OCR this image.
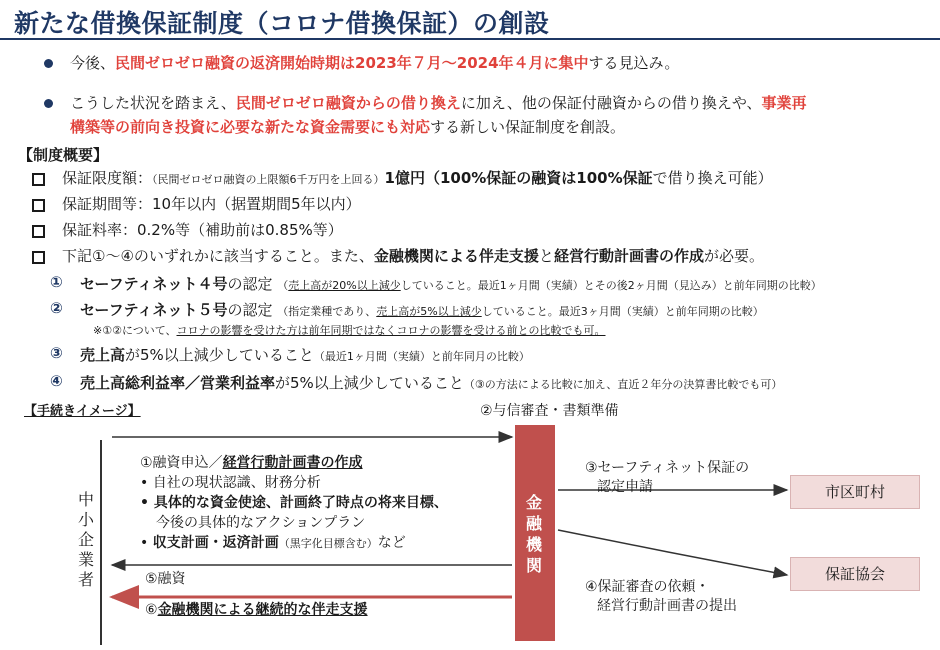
新たな借換保証制度（コロナ借換保証）の創設
今後、民間ゼロゼロ融資の返済開始時期は2023年７月〜2024年４月に集中する見込み。
こうした状況を踏まえ、民間ゼロゼロ融資からの借り換えに加え、他の保証付融資からの借り換えや、事業再
構築等の前向き投資に必要な新たな資金需要にも対応する新しい保証制度を創設。
【制度概要】
保証限度額：（民間ゼロゼロ融資の上限額6千万円を上回る）1億円（100%保証の融資は100%保証で借り換え可能）
保証期間等：10年以内（据置期間5年以内）
保証料率：0.2%等（補助前は0.85%等）
下記①〜④のいずれかに該当すること。また、金融機関による伴走支援と経営行動計画書の作成が必要。
① セーフティネット４号の認定 （売上高が20%以上減少していること。最近1ヶ月間（実績）とその後2ヶ月間（見込み）と前年同期の比較）
② セーフティネット５号の認定 （指定業種であり、売上高が5%以上減少していること。最近3ヶ月間（実績）と前年同期の比較）
※①②について、コロナの影響を受けた方は前年同期ではなくコロナの影響を受ける前との比較でも可。
③ 売上高が5%以上減少していること（最近1ヶ月間（実績）と前年同月の比較）
④ 売上高総利益率／営業利益率が5%以上減少していること（③の方法による比較に加え、直近２年分の決算書比較でも可）
【手続きイメージ】	②与信審査・書類準備
中小企業者
金融機関
①融資申込／経営行動計画書の作成
• 自社の現状認識、財務分析
• 具体的な資金使途、計画終了時点の将来目標、
今後の具体的なアクションプラン
• 収支計画・返済計画（黒字化目標含む）など
⑤融資
⑥金融機関による継続的な伴走支援
③セーフティネット保証の
認定申請
④保証審査の依頼・
経営行動計画書の提出
市区町村
保証協会
